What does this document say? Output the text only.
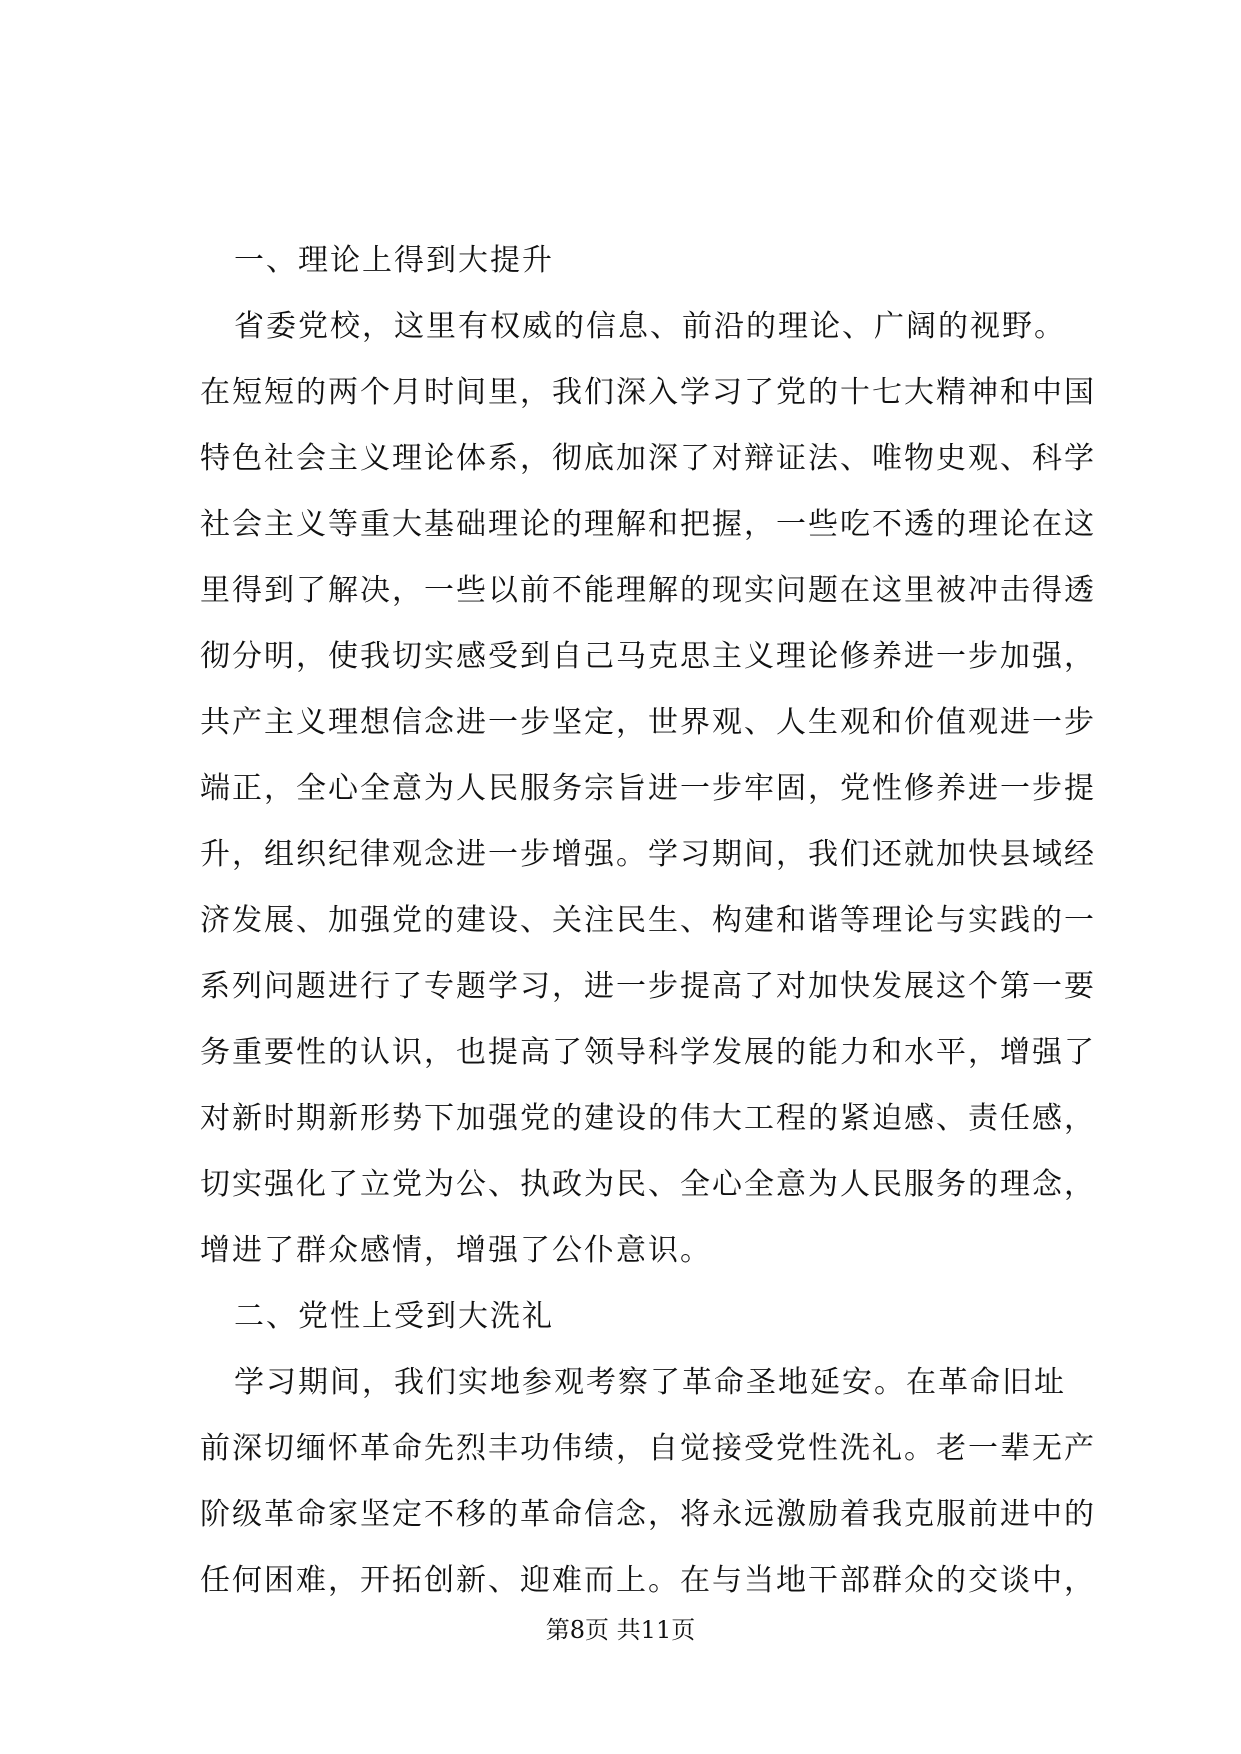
一、理论上得到大提升
省委党校，这里有权威的信息、前沿的理论、广阔的视野。
在短短的两个月时间里，我们深入学习了党的十七大精神和中国
特色社会主义理论体系，彻底加深了对辩证法、唯物史观、科学
社会主义等重大基础理论的理解和把握，一些吃不透的理论在这
里得到了解决，一些以前不能理解的现实问题在这里被冲击得透
彻分明，使我切实感受到自己马克思主义理论修养进一步加强，
共产主义理想信念进一步坚定，世界观、人生观和价值观进一步
端正，全心全意为人民服务宗旨进一步牢固，党性修养进一步提
升，组织纪律观念进一步增强。学习期间，我们还就加快县域经
济发展、加强党的建设、关注民生、构建和谐等理论与实践的一
系列问题进行了专题学习，进一步提高了对加快发展这个第一要
务重要性的认识，也提高了领导科学发展的能力和水平，增强了
对新时期新形势下加强党的建设的伟大工程的紧迫感、责任感，
切实强化了立党为公、执政为民、全心全意为人民服务的理念，
增进了群众感情，增强了公仆意识。
二、党性上受到大洗礼
学习期间，我们实地参观考察了革命圣地延安。在革命旧址
前深切缅怀革命先烈丰功伟绩，自觉接受党性洗礼。老一辈无产
阶级革命家坚定不移的革命信念，将永远激励着我克服前进中的
任何困难，开拓创新、迎难而上。在与当地干部群众的交谈中，
第8页 共11页
